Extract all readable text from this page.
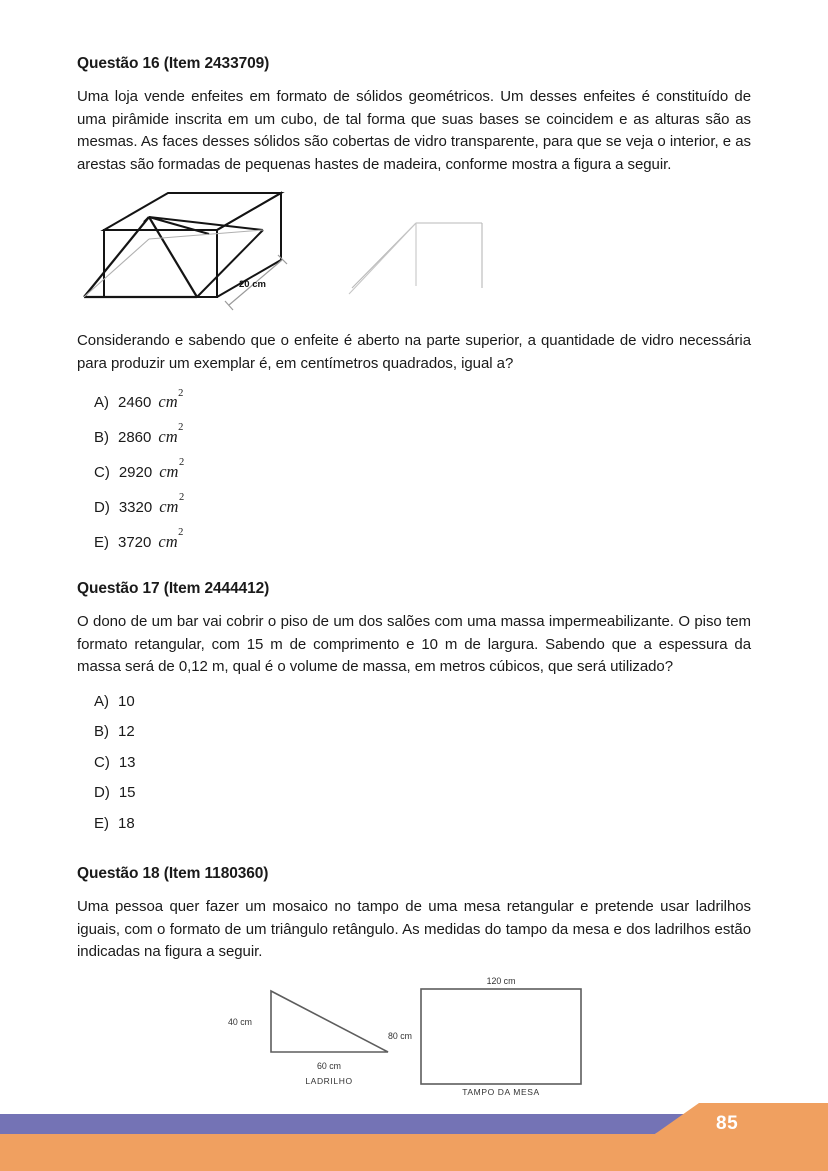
Questão 16 (Item 2433709)
Uma loja vende enfeites em formato de sólidos geométricos. Um desses enfeites é constituído de uma pirâmide inscrita em um cubo, de tal forma que suas bases se coincidem e as alturas são as mesmas. As faces desses sólidos são cobertas de vidro transparente, para que se veja o interior, e as arestas são formadas de pequenas hastes de madeira, conforme mostra a figura a seguir.
20 cm
Considerando e sabendo que o enfeite é aberto na parte superior, a quantidade de vidro necessária para produzir um exemplar é, em centímetros quadrados, igual a?
A) 2460 $cm^2$
B) 2860 $cm^2$
C) 2920 $cm^2$
D) 3320 $cm^2$
E) 3720 $cm^2$
Questão 17 (Item 2444412)
O dono de um bar vai cobrir o piso de um dos salões com uma massa impermeabilizante. O piso tem formato retangular, com 15 m de comprimento e 10 m de largura. Sabendo que a espessura da massa será de 0,12 m, qual é o volume de massa, em metros cúbicos, que será utilizado?
A) 10
B) 12
C) 13
D) 15
E) 18
Questão 18 (Item 1180360)
Uma pessoa quer fazer um mosaico no tampo de uma mesa retangular e pretende usar ladrilhos iguais, com o formato de um triângulo retângulo. As medidas do tampo da mesa e dos ladrilhos estão indicadas na figura a seguir.
40 cm
60 cm
LADRILHO
120 cm
80 cm
TAMPO DA MESA
85
